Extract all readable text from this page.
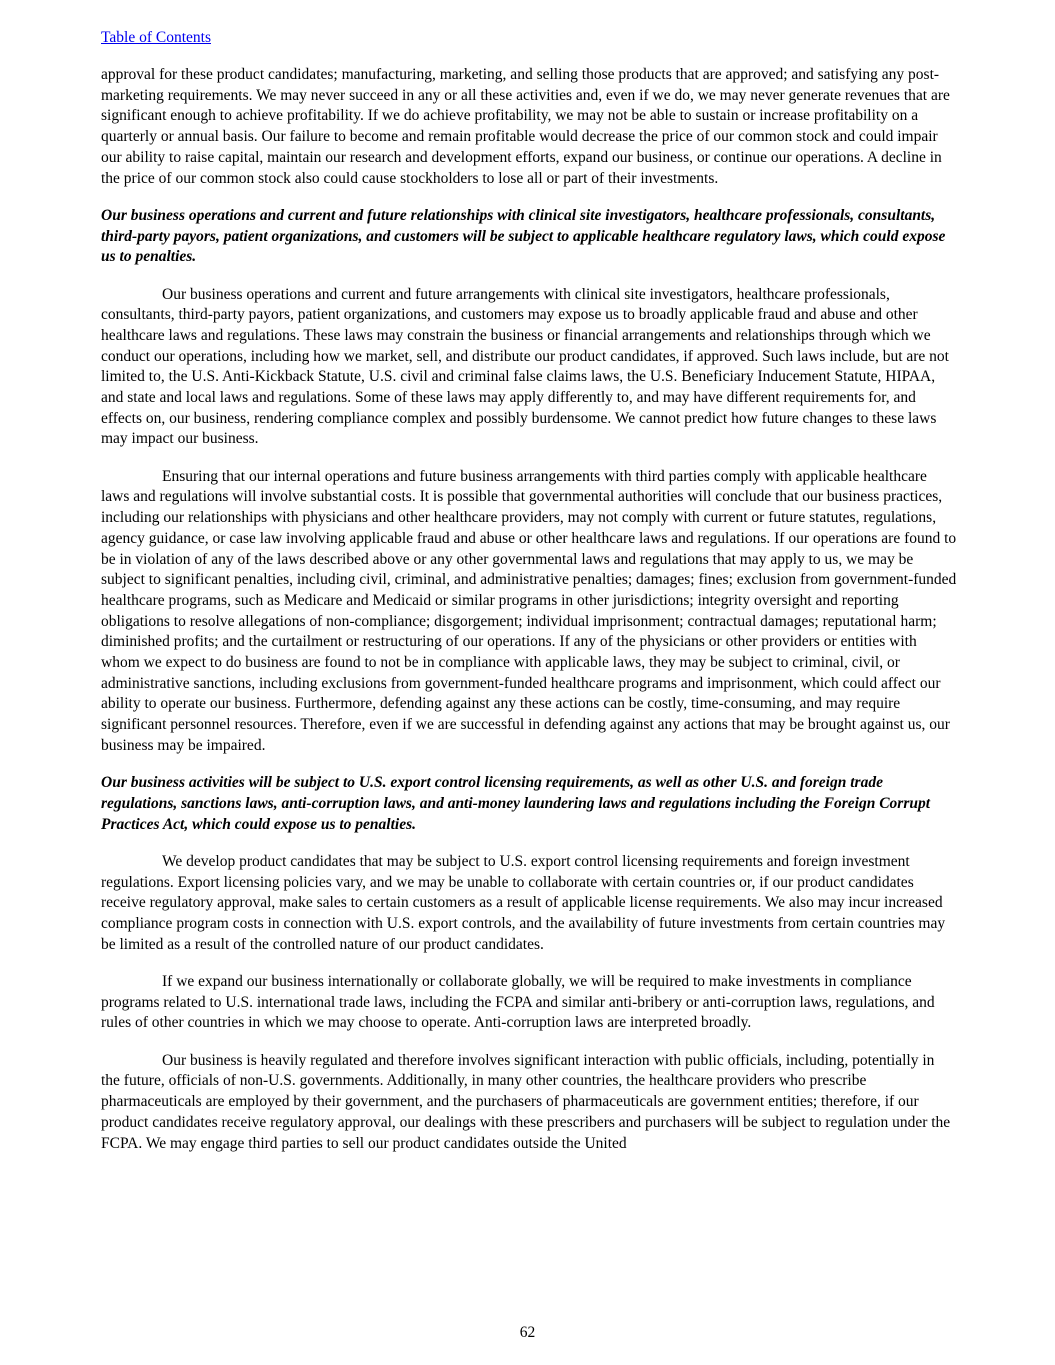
Table of Contents

approval for these product candidates; manufacturing, marketing, and selling those products that are approved; and satisfying any post-marketing requirements. We may never succeed in any or all these activities and, even if we do, we may never generate revenues that are significant enough to achieve profitability. If we do achieve profitability, we may not be able to sustain or increase profitability on a quarterly or annual basis. Our failure to become and remain profitable would decrease the price of our common stock and could impair our ability to raise capital, maintain our research and development efforts, expand our business, or continue our operations. A decline in the price of our common stock also could cause stockholders to lose all or part of their investments.

Our business operations and current and future relationships with clinical site investigators, healthcare professionals, consultants, third-party payors, patient organizations, and customers will be subject to applicable healthcare regulatory laws, which could expose us to penalties.

Our business operations and current and future arrangements with clinical site investigators, healthcare professionals, consultants, third-party payors, patient organizations, and customers may expose us to broadly applicable fraud and abuse and other healthcare laws and regulations. These laws may constrain the business or financial arrangements and relationships through which we conduct our operations, including how we market, sell, and distribute our product candidates, if approved. Such laws include, but are not limited to, the U.S. Anti-Kickback Statute, U.S. civil and criminal false claims laws, the U.S. Beneficiary Inducement Statute, HIPAA, and state and local laws and regulations. Some of these laws may apply differently to, and may have different requirements for, and effects on, our business, rendering compliance complex and possibly burdensome. We cannot predict how future changes to these laws may impact our business.

Ensuring that our internal operations and future business arrangements with third parties comply with applicable healthcare laws and regulations will involve substantial costs. It is possible that governmental authorities will conclude that our business practices, including our relationships with physicians and other healthcare providers, may not comply with current or future statutes, regulations, agency guidance, or case law involving applicable fraud and abuse or other healthcare laws and regulations. If our operations are found to be in violation of any of the laws described above or any other governmental laws and regulations that may apply to us, we may be subject to significant penalties, including civil, criminal, and administrative penalties; damages; fines; exclusion from government-funded healthcare programs, such as Medicare and Medicaid or similar programs in other jurisdictions; integrity oversight and reporting obligations to resolve allegations of non-compliance; disgorgement; individual imprisonment; contractual damages; reputational harm; diminished profits; and the curtailment or restructuring of our operations. If any of the physicians or other providers or entities with whom we expect to do business are found to not be in compliance with applicable laws, they may be subject to criminal, civil, or administrative sanctions, including exclusions from government-funded healthcare programs and imprisonment, which could affect our ability to operate our business. Furthermore, defending against any these actions can be costly, time-consuming, and may require significant personnel resources. Therefore, even if we are successful in defending against any actions that may be brought against us, our business may be impaired.

Our business activities will be subject to U.S. export control licensing requirements, as well as other U.S. and foreign trade regulations, sanctions laws, anti-corruption laws, and anti-money laundering laws and regulations including the Foreign Corrupt Practices Act, which could expose us to penalties.

We develop product candidates that may be subject to U.S. export control licensing requirements and foreign investment regulations. Export licensing policies vary, and we may be unable to collaborate with certain countries or, if our product candidates receive regulatory approval, make sales to certain customers as a result of applicable license requirements. We also may incur increased compliance program costs in connection with U.S. export controls, and the availability of future investments from certain countries may be limited as a result of the controlled nature of our product candidates.

If we expand our business internationally or collaborate globally, we will be required to make investments in compliance programs related to U.S. international trade laws, including the FCPA and similar anti-bribery or anti-corruption laws, regulations, and rules of other countries in which we may choose to operate. Anti-corruption laws are interpreted broadly.

Our business is heavily regulated and therefore involves significant interaction with public officials, including, potentially in the future, officials of non-U.S. governments. Additionally, in many other countries, the healthcare providers who prescribe pharmaceuticals are employed by their government, and the purchasers of pharmaceuticals are government entities; therefore, if our product candidates receive regulatory approval, our dealings with these prescribers and purchasers will be subject to regulation under the FCPA. We may engage third parties to sell our product candidates outside the United

62
